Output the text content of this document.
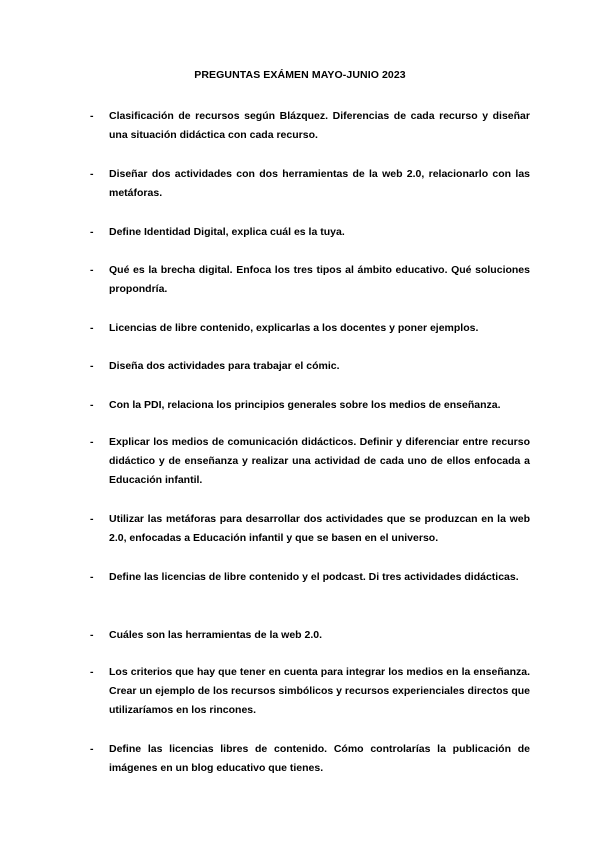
PREGUNTAS EXÁMEN MAYO-JUNIO 2023
-	Clasificación de recursos según Blázquez. Diferencias de cada recurso y diseñar una situación didáctica con cada recurso.
-	Diseñar dos actividades con dos herramientas de la web 2.0, relacionarlo con las metáforas.
-	Define Identidad Digital, explica cuál es la tuya.
-	Qué es la brecha digital. Enfoca los tres tipos al ámbito educativo. Qué soluciones propondría.
-	Licencias de libre contenido, explicarlas a los docentes y poner ejemplos.
-	Diseña dos actividades para trabajar el cómic.
-	Con la PDI, relaciona los principios generales sobre los medios de enseñanza.
-	Explicar los medios de comunicación didácticos. Definir y diferenciar entre recurso didáctico y de enseñanza y realizar una actividad de cada uno de ellos enfocada a Educación infantil.
-	Utilizar las metáforas para desarrollar dos actividades que se produzcan en la web 2.0, enfocadas a Educación infantil y que se basen en el universo.
-	Define las licencias de libre contenido y el podcast. Di tres actividades didácticas.
-	Cuáles son las herramientas de la web 2.0.
-	Los criterios que hay que tener en cuenta para integrar los medios en la enseñanza. Crear un ejemplo de los recursos simbólicos y recursos experienciales directos que utilizaríamos en los rincones.
-	Define las licencias libres de contenido. Cómo controlarías la publicación de imágenes en un blog educativo que tienes.
